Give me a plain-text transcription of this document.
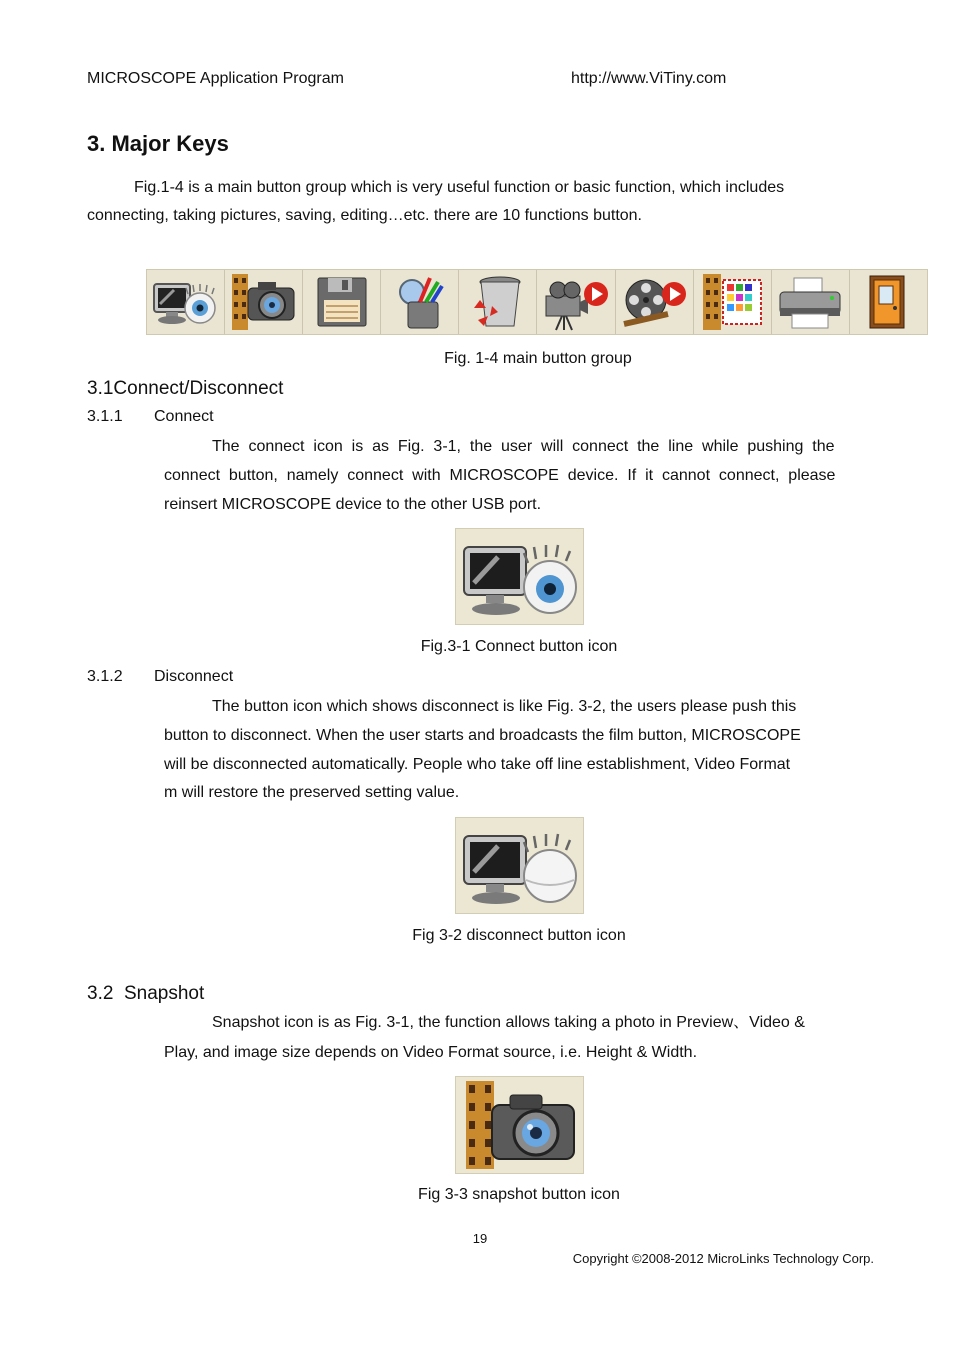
MICROSCOPE Application Program	http://www.ViTiny.com
3. Major Keys
Fig.1-4 is a main button group which is very useful function or basic function, which includes
connecting, taking pictures, saving, editing…etc. there are 10 functions button.
Fig. 1-4 main button group
3.1Connect/Disconnect
3.1.1 Connect
The  connect  icon  is  as  Fig.  3-1,  the  user  will  connect  the  line  while  pushing  the
connect  button,  namely  connect  with  MICROSCOPE  device.  If  it  cannot  connect,  please
reinsert MICROSCOPE device to the other USB port.
Fig.3-1 Connect button icon
3.1.2 Disconnect
The button icon which shows disconnect is like Fig. 3-2, the users please push this
button to disconnect. When the user starts and broadcasts the film button, MICROSCOPE
will be disconnected automatically. People who take off line establishment, Video Format
m will restore the preserved setting value.
Fig 3-2 disconnect button icon
3.2  Snapshot
Snapshot icon is as Fig. 3-1, the function allows taking a photo in Preview、Video &
Play, and image size depends on Video Format source, i.e. Height & Width.
Fig 3-3 snapshot button icon
19
Copyright ©2008-2012 MicroLinks Technology Corp.
